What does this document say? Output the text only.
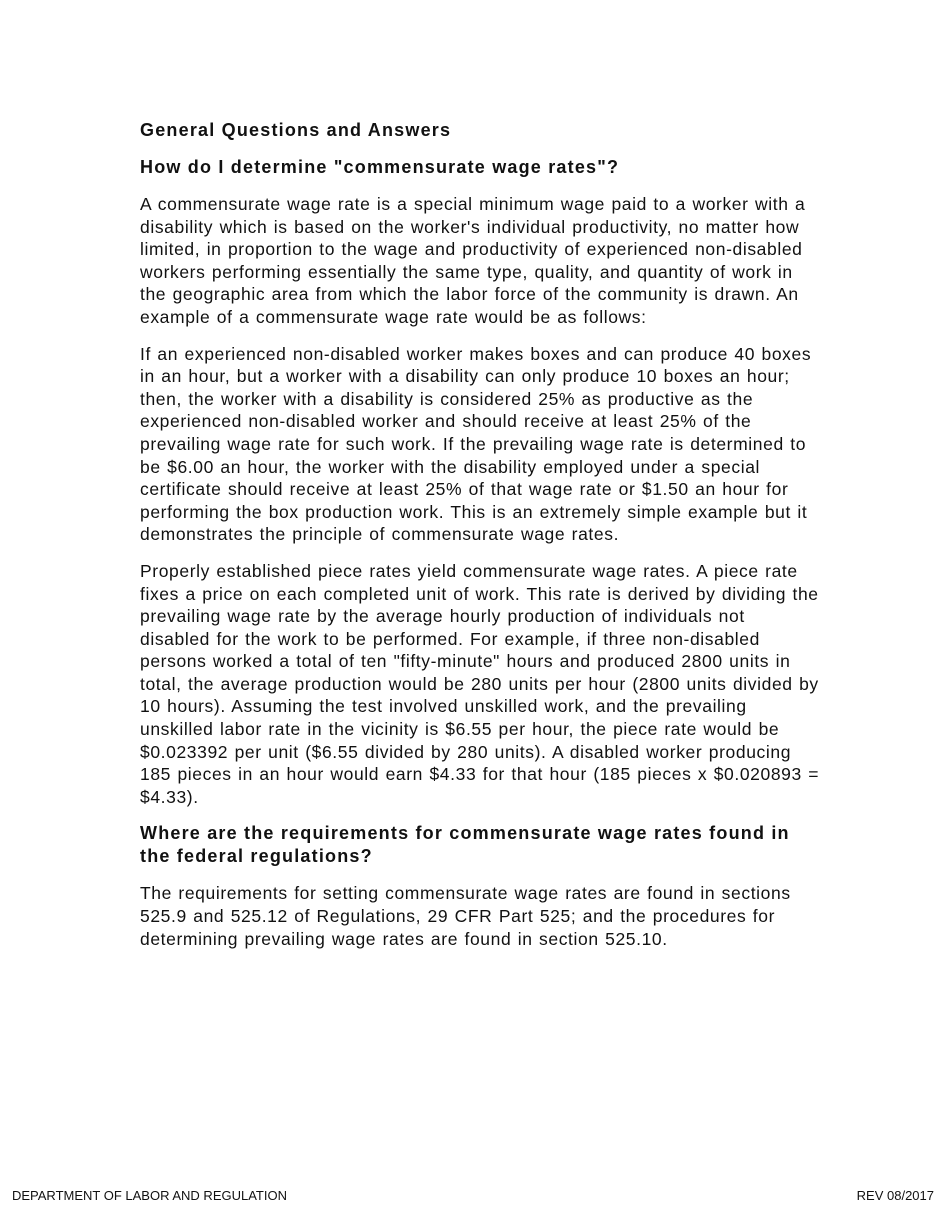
General Questions and Answers
How do I determine "commensurate wage rates"?

A commensurate wage rate is a special minimum wage paid to a worker with a disability which is based on the worker's individual productivity, no matter how limited, in proportion to the wage and productivity of experienced non-disabled workers performing essentially the same type, quality, and quantity of work in the geographic area from which the labor force of the community is drawn. An example of a commensurate wage rate would be as follows:

If an experienced non-disabled worker makes boxes and can produce 40 boxes in an hour, but a worker with a disability can only produce 10 boxes an hour; then, the worker with a disability is considered 25% as productive as the experienced non-disabled worker and should receive at least 25% of the prevailing wage rate for such work. If the prevailing wage rate is determined to be $6.00 an hour, the worker with the disability employed under a special certificate should receive at least 25% of that wage rate or $1.50 an hour for performing the box production work. This is an extremely simple example but it demonstrates the principle of commensurate wage rates.

Properly established piece rates yield commensurate wage rates. A piece rate fixes a price on each completed unit of work. This rate is derived by dividing the prevailing wage rate by the average hourly production of individuals not disabled for the work to be performed. For example, if three non-disabled persons worked a total of ten "fifty-minute" hours and produced 2800 units in total, the average production would be 280 units per hour (2800 units divided by 10 hours). Assuming the test involved unskilled work, and the prevailing unskilled labor rate in the vicinity is $6.55 per hour, the piece rate would be $0.023392 per unit ($6.55 divided by 280 units). A disabled worker producing 185 pieces in an hour would earn $4.33 for that hour (185 pieces x $0.020893 = $4.33).

Where are the requirements for commensurate wage rates found in the federal regulations?

The requirements for setting commensurate wage rates are found in sections 525.9 and 525.12 of Regulations, 29 CFR Part 525; and the procedures for determining prevailing wage rates are found in section 525.10.

DEPARTMENT OF LABOR AND REGULATION	REV 08/2017
